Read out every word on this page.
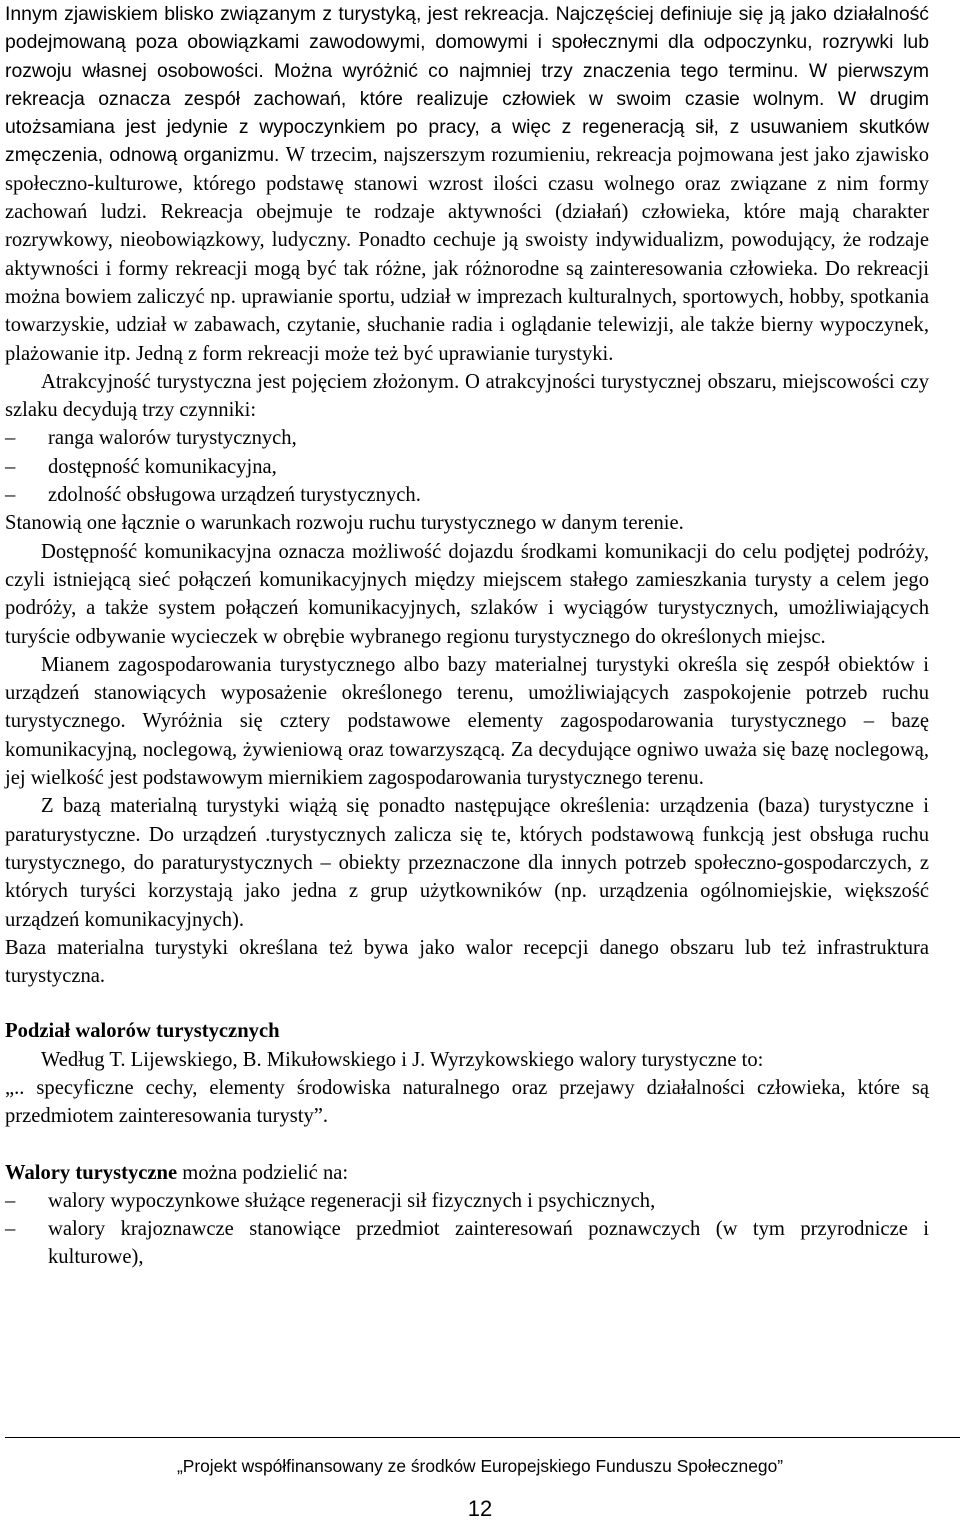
Innym zjawiskiem blisko związanym z turystyką, jest rekreacja. Najczęściej definiuje się ją jako działalność podejmowaną poza obowiązkami zawodowymi, domowymi i społecznymi dla odpoczynku, rozrywki lub rozwoju własnej osobowości. Można wyróżnić co najmniej trzy znaczenia tego terminu. W pierwszym rekreacja oznacza zespół zachowań, które realizuje człowiek w swoim czasie wolnym. W drugim utożsamiana jest jedynie z wypoczynkiem po pracy, a więc z regeneracją sił, z usuwaniem skutków zmęczenia, odnową organizmu. W trzecim, najszerszym rozumieniu, rekreacja pojmowana jest jako zjawisko społeczno-kulturowe, którego podstawę stanowi wzrost ilości czasu wolnego oraz związane z nim formy zachowań ludzi. Rekreacja obejmuje te rodzaje aktywności (działań) człowieka, które mają charakter rozrywkowy, nieobowiązkowy, ludyczny. Ponadto cechuje ją swoisty indywidualizm, powodujący, że rodzaje aktywności i formy rekreacji mogą być tak różne, jak różnorodne są zainteresowania człowieka. Do rekreacji można bowiem zaliczyć np. uprawianie sportu, udział w imprezach kulturalnych, sportowych, hobby, spotkania towarzyskie, udział w zabawach, czytanie, słuchanie radia i oglądanie telewizji, ale także bierny wypoczynek, plażowanie itp. Jedną z form rekreacji może też być uprawianie turystyki.

Atrakcyjność turystyczna jest pojęciem złożonym. O atrakcyjności turystycznej obszaru, miejscowości czy szlaku decydują trzy czynniki:

–	ranga walorów turystycznych,
–	dostępność komunikacyjna,
–	zdolność obsługowa urządzeń turystycznych.

Stanowią one łącznie o warunkach rozwoju ruchu turystycznego w danym terenie.

Dostępność komunikacyjna oznacza możliwość dojazdu środkami komunikacji do celu podjętej podróży, czyli istniejącą sieć połączeń komunikacyjnych między miejscem stałego zamieszkania turysty a celem jego podróży, a także system połączeń komunikacyjnych, szlaków i wyciągów turystycznych, umożliwiających turyście odbywanie wycieczek w obrębie wybranego regionu turystycznego do określonych miejsc.

Mianem zagospodarowania turystycznego albo bazy materialnej turystyki określa się zespół obiektów i urządzeń stanowiących wyposażenie określonego terenu, umożliwiających zaspokojenie potrzeb ruchu turystycznego. Wyróżnia się cztery podstawowe elementy zagospodarowania turystycznego – bazę komunikacyjną, noclegową, żywieniową oraz towarzyszącą. Za decydujące ogniwo uważa się bazę noclegową, jej wielkość jest podstawowym miernikiem zagospodarowania turystycznego terenu.

Z bazą materialną turystyki wiążą się ponadto następujące określenia: urządzenia (baza) turystyczne i paraturystyczne. Do urządzeń .turystycznych zalicza się te, których podstawową funkcją jest obsługa ruchu turystycznego, do paraturystycznych – obiekty przeznaczone dla innych potrzeb społeczno-gospodarczych, z których turyści korzystają jako jedna z grup użytkowników (np. urządzenia ogólnomiejskie, większość urządzeń komunikacyjnych).

Baza materialna turystyki określana też bywa jako walor recepcji danego obszaru lub też infrastruktura turystyczna.

Podział walorów turystycznych

Według T. Lijewskiego, B. Mikułowskiego i J. Wyrzykowskiego walory turystyczne to:

„.. specyficzne cechy, elementy środowiska naturalnego oraz przejawy działalności człowieka, które są przedmiotem zainteresowania turysty”.

Walory turystyczne można podzielić na:

–	walory wypoczynkowe służące regeneracji sił fizycznych i psychicznych,
–	walory krajoznawcze stanowiące przedmiot zainteresowań poznawczych (w tym przyrodnicze i kulturowe),
„Projekt współfinansowany ze środków Europejskiego Funduszu Społecznego”
12
